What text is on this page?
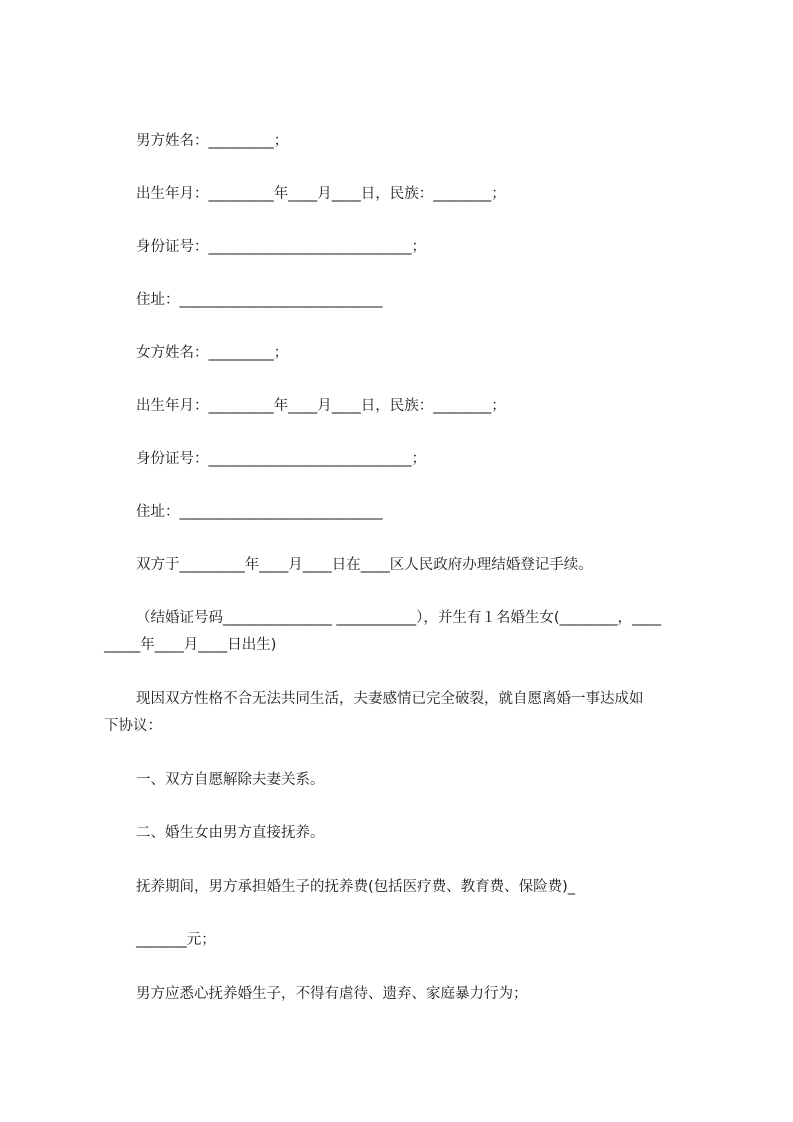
男方姓名：_________；
出生年月：_________年____月____日，民族：________；
身份证号：____________________________；
住址：____________________________
女方姓名：_________；
出生年月：_________年____月____日，民族：________；
身份证号：____________________________；
住址：____________________________
双方于_________年____月____日在____区人民政府办理结婚登记手续。
（结婚证号码_______________ ___________），并生有１名婚生女(________，____
_____年____月____日出生)
现因双方性格不合无法共同生活，夫妻感情已完全破裂，就自愿离婚一事达成如
下协议：
一、双方自愿解除夫妻关系。
二、婚生女由男方直接抚养。
抚养期间，男方承担婚生子的抚养费(包括医疗费、教育费、保险费)_
_______元；
男方应悉心抚养婚生子，不得有虐待、遗弃、家庭暴力行为；
